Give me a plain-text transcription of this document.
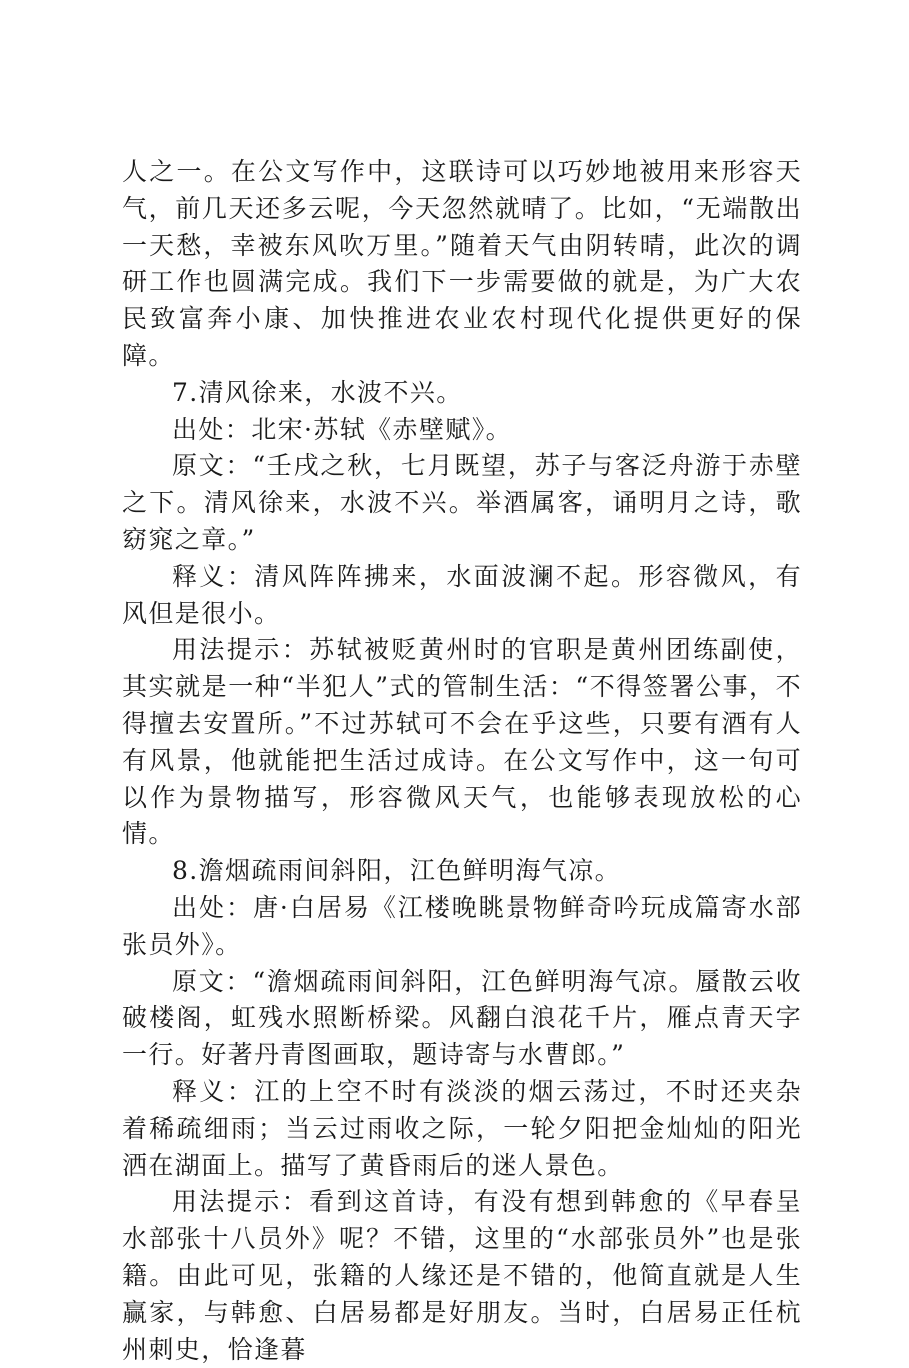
人之一。在公文写作中，这联诗可以巧妙地被用来形容天气，前几天还多云呢，今天忽然就晴了。比如，“无端散出一天愁，幸被东风吹万里。”随着天气由阴转晴，此次的调研工作也圆满完成。我们下一步需要做的就是，为广大农民致富奔小康、加快推进农业农村现代化提供更好的保障。

7.清风徐来，水波不兴。

出处：北宋·苏轼《赤壁赋》。

原文：“壬戌之秋，七月既望，苏子与客泛舟游于赤壁之下。清风徐来，水波不兴。举酒属客，诵明月之诗，歌窈窕之章。”

释义：清风阵阵拂来，水面波澜不起。形容微风，有风但是很小。

用法提示：苏轼被贬黄州时的官职是黄州团练副使，其实就是一种“半犯人”式的管制生活：“不得签署公事，不得擅去安置所。”不过苏轼可不会在乎这些，只要有酒有人有风景，他就能把生活过成诗。在公文写作中，这一句可以作为景物描写，形容微风天气，也能够表现放松的心情。

8.澹烟疏雨间斜阳，江色鲜明海气凉。

出处：唐·白居易《江楼晚眺景物鲜奇吟玩成篇寄水部张员外》。

原文：“澹烟疏雨间斜阳，江色鲜明海气凉。蜃散云收破楼阁，虹残水照断桥梁。风翻白浪花千片，雁点青天字一行。好著丹青图画取，题诗寄与水曹郎。”

释义：江的上空不时有淡淡的烟云荡过，不时还夹杂着稀疏细雨；当云过雨收之际，一轮夕阳把金灿灿的阳光洒在湖面上。描写了黄昏雨后的迷人景色。

用法提示：看到这首诗，有没有想到韩愈的《早春呈水部张十八员外》呢？不错，这里的“水部张员外”也是张籍。由此可见，张籍的人缘还是不错的，他简直就是人生赢家，与韩愈、白居易都是好朋友。当时，白居易正任杭州刺史，恰逢暮
